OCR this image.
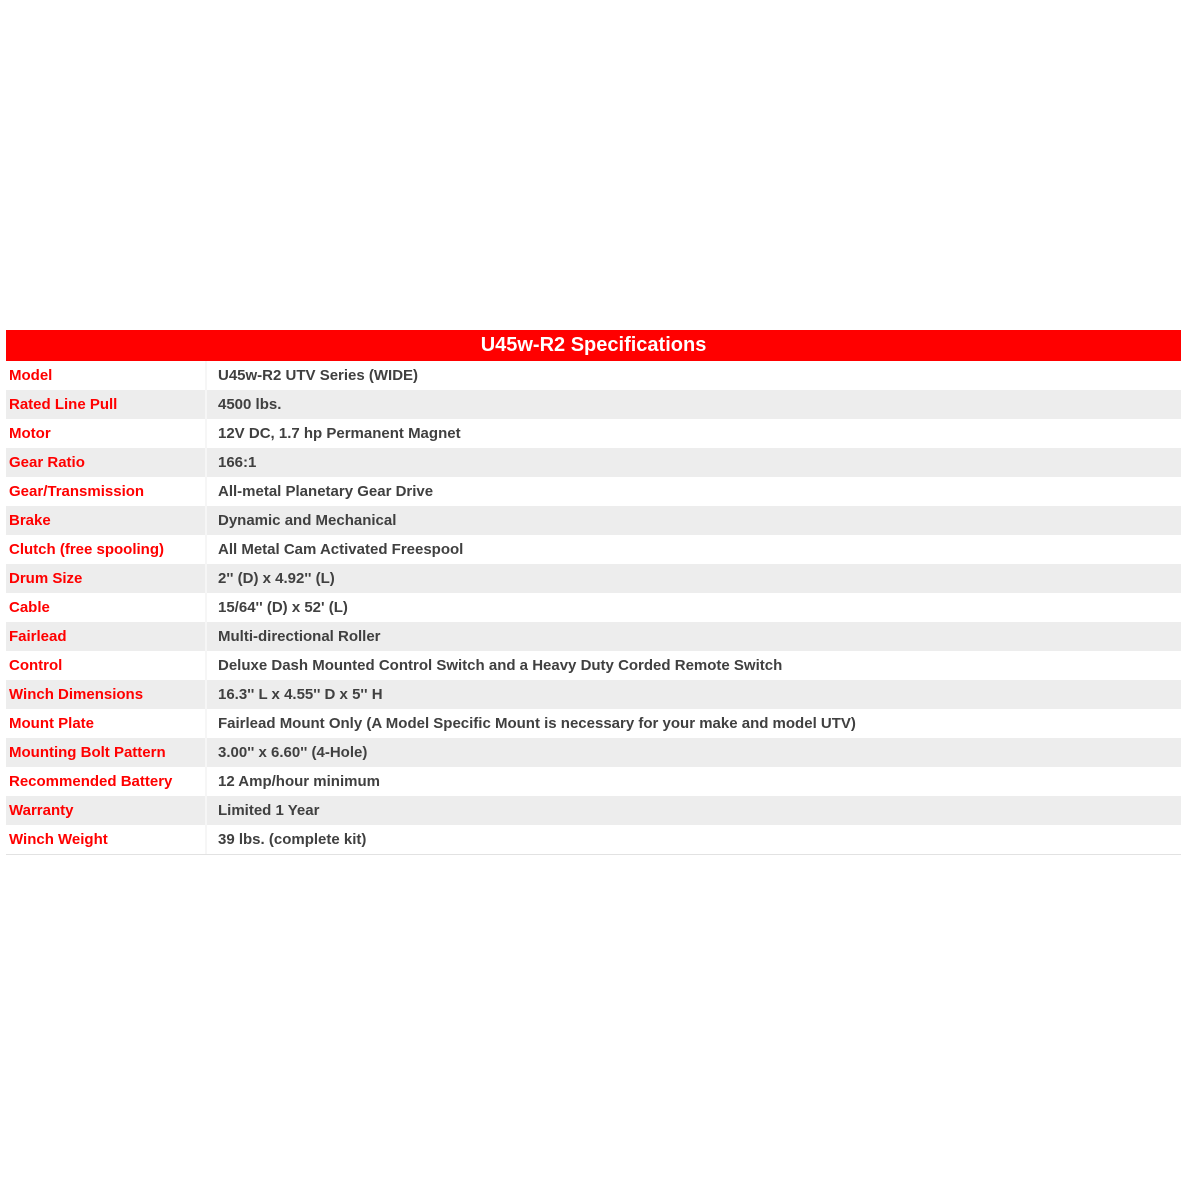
U45w-R2 Specifications
Model	U45w-R2 UTV Series (WIDE)
Rated Line Pull	4500 lbs.
Motor	12V DC, 1.7 hp Permanent Magnet
Gear Ratio	166:1
Gear/Transmission	All-metal Planetary Gear Drive
Brake	Dynamic and Mechanical
Clutch (free spooling)	All Metal Cam Activated Freespool
Drum Size	2'' (D) x 4.92'' (L)
Cable	15/64'' (D) x 52' (L)
Fairlead	Multi-directional Roller
Control	Deluxe Dash Mounted Control Switch and a Heavy Duty Corded Remote Switch
Winch Dimensions	16.3'' L x 4.55'' D x 5'' H
Mount Plate	Fairlead Mount Only (A Model Specific Mount is necessary for your make and model UTV)
Mounting Bolt Pattern	3.00'' x 6.60'' (4-Hole)
Recommended Battery	12 Amp/hour minimum
Warranty	Limited 1 Year
Winch Weight	39 lbs. (complete kit)
